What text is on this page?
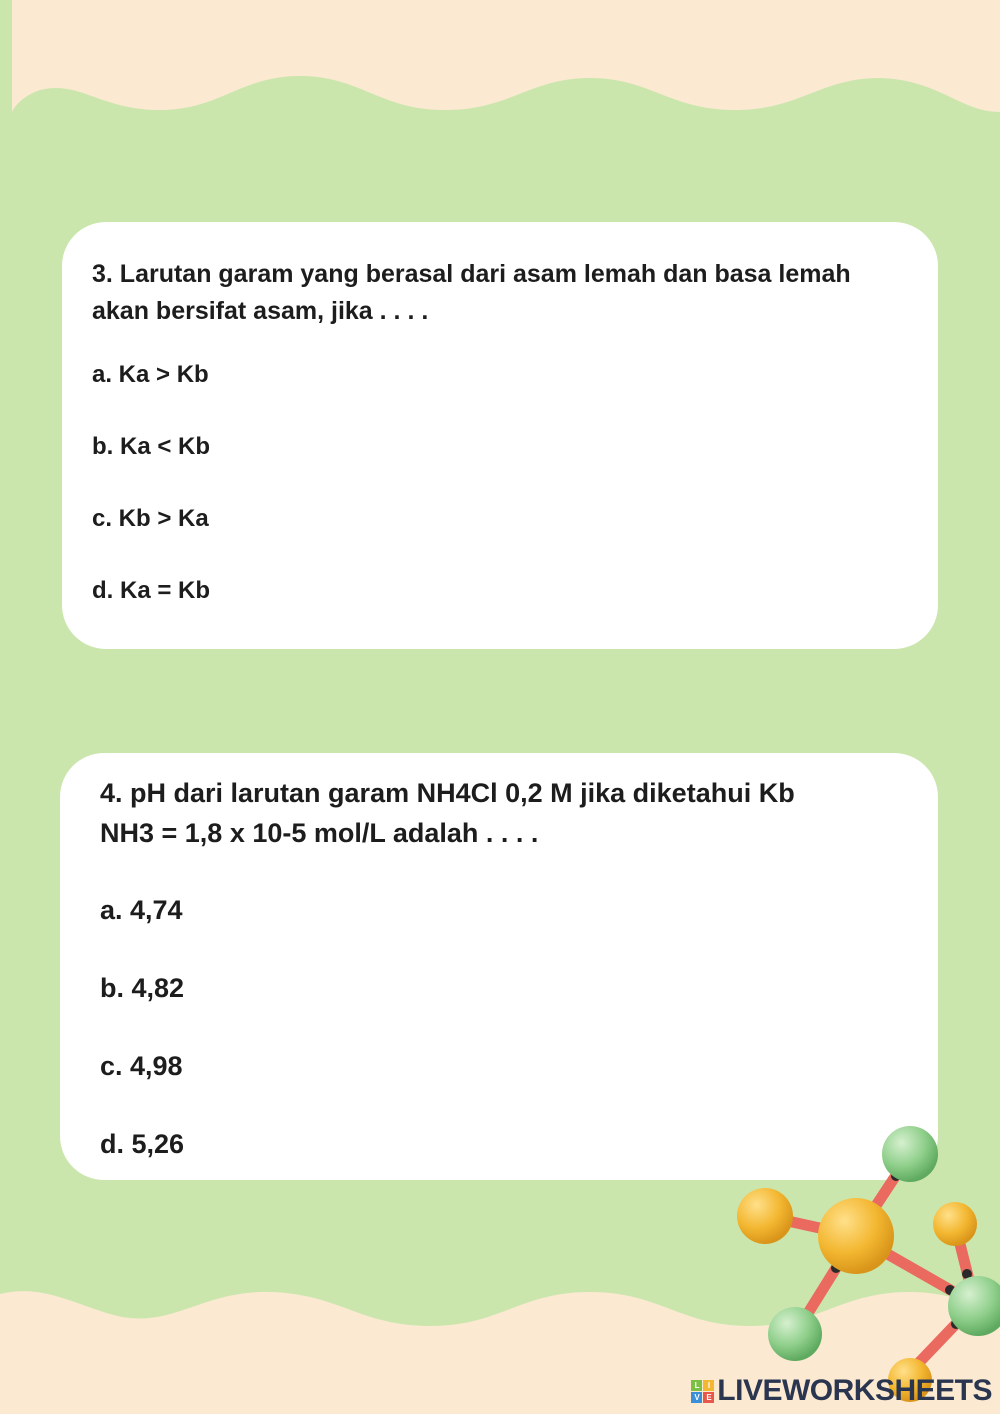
3. Larutan garam yang berasal dari asam lemah dan basa lemah
akan bersifat asam, jika . . . .

a. Ka > Kb
b. Ka < Kb
c. Kb > Ka
d. Ka = Kb

4. pH dari larutan garam NH4Cl 0,2 M jika diketahui Kb
NH3 = 1,8 x 10-5 mol/L adalah . . . .

a. 4,74
b. 4,82
c. 4,98
d. 5,26
L	I
V E LIVEWORKSHEETS
